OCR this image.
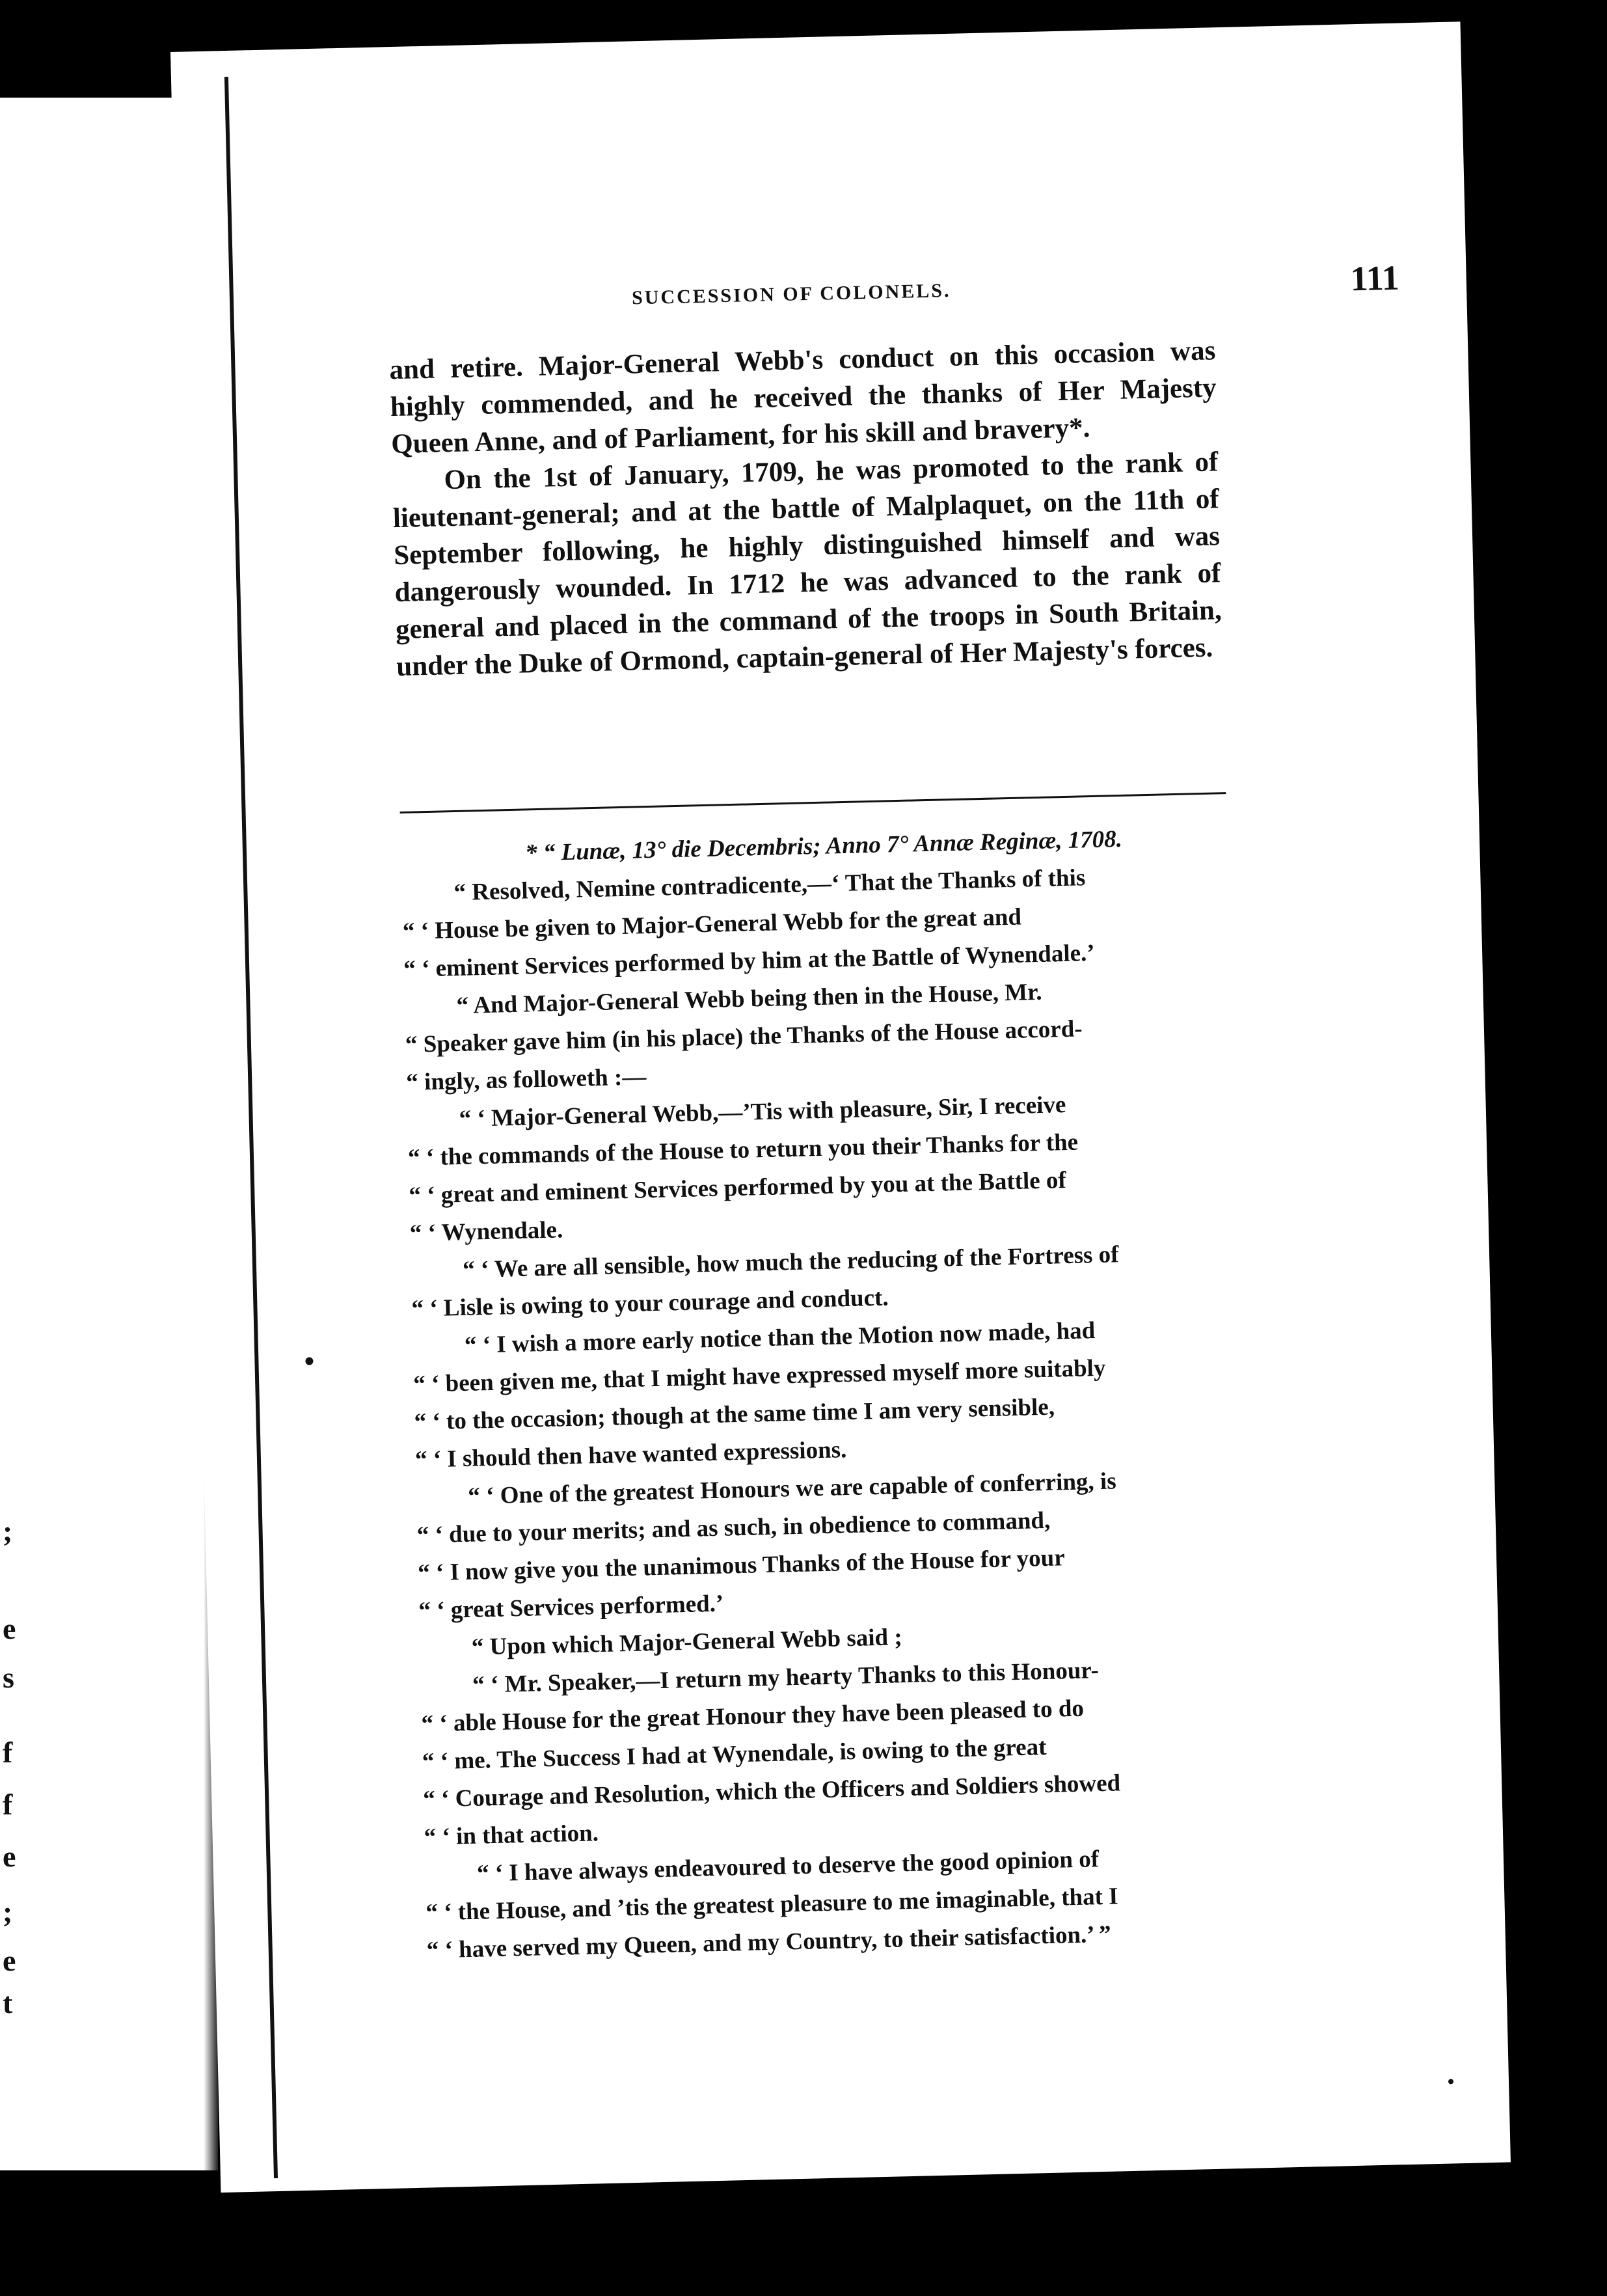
;
e
s
f
f
e
;
e
t
SUCCESSION OF COLONELS.	111

and retire. Major-General Webb's conduct on this occasion was highly commended, and he received the thanks of Her Majesty Queen Anne, and of Parliament, for his skill and bravery*.

On the 1st of January, 1709, he was promoted to the rank of lieutenant-general; and at the battle of Malplaquet, on the 11th of September following, he highly distinguished himself and was dangerously wounded. In 1712 he was advanced to the rank of general and placed in the command of the troops in South Britain, under the Duke of Ormond, captain-general of Her Majesty's forces.

* “ Lunæ, 13° die Decembris; Anno 7° Annæ Reginæ, 1708.
“ Resolved, Nemine contradicente,—‘ That the Thanks of this
“ ‘ House be given to Major-General Webb for the great and
“ ‘ eminent Services performed by him at the Battle of Wynendale.’
“ And Major-General Webb being then in the House, Mr.
“ Speaker gave him (in his place) the Thanks of the House accord-
“ ingly, as followeth :—
“ ‘ Major-General Webb,—’Tis with pleasure, Sir, I receive
“ ‘ the commands of the House to return you their Thanks for the
“ ‘ great and eminent Services performed by you at the Battle of
“ ‘ Wynendale.
“ ‘ We are all sensible, how much the reducing of the Fortress of
“ ‘ Lisle is owing to your courage and conduct.
“ ‘ I wish a more early notice than the Motion now made, had
“ ‘ been given me, that I might have expressed myself more suitably
“ ‘ to the occasion; though at the same time I am very sensible,
“ ‘ I should then have wanted expressions.
“ ‘ One of the greatest Honours we are capable of conferring, is
“ ‘ due to your merits; and as such, in obedience to command,
“ ‘ I now give you the unanimous Thanks of the House for your
“ ‘ great Services performed.’
“ Upon which Major-General Webb said ;
“ ‘ Mr. Speaker,—I return my hearty Thanks to this Honour-
“ ‘ able House for the great Honour they have been pleased to do
“ ‘ me. The Success I had at Wynendale, is owing to the great
“ ‘ Courage and Resolution, which the Officers and Soldiers showed
“ ‘ in that action.
“ ‘ I have always endeavoured to deserve the good opinion of
“ ‘ the House, and ’tis the greatest pleasure to me imaginable, that I
“ ‘ have served my Queen, and my Country, to their satisfaction.’ ”
